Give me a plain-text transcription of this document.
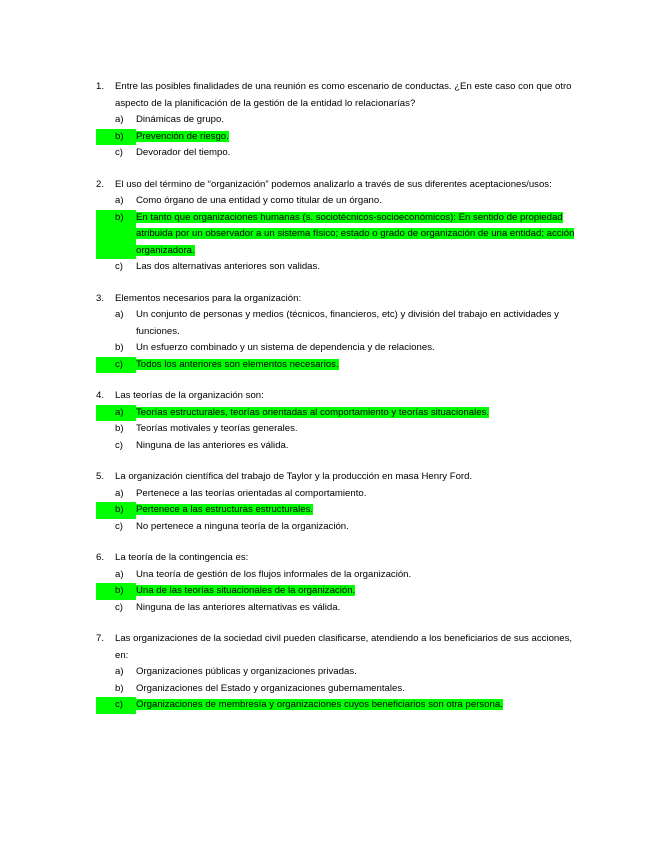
1.	Entre las posibles finalidades de una reunión es como escenario de conductas. ¿En este caso con que otro aspecto de la planificación de la gestión de la entidad lo relacionarías?
a)	Dinámicas de grupo.
b)	Prevención de riesgo.
c)	Devorador del tiempo.
2.	El uso del término de “organización” podemos analizarlo a través de sus diferentes aceptaciones/usos:
a)	Como órgano de una entidad y como titular de un órgano.
b)	En tanto que organizaciones humanas (s. sociotécnicos-socioeconómicos): En sentido de propiedad atribuida por un observador a un sistema físico; estado o grado de organización de una entidad; acción organizadora.
c)	Las dos alternativas anteriores son validas.
3.	Elementos necesarios para la organización:
a)	Un conjunto de personas y medios (técnicos, financieros, etc) y división del trabajo en actividades y funciones.
b)	Un esfuerzo combinado y un sistema de dependencia y de relaciones.
c)	Todos los anteriores son elementos necesarios.
4.	Las teorías de la organización son:
a)	Teorías estructurales, teorías orientadas al comportamiento y teorías situacionales.
b)	Teorías motivales y teorías generales.
c)	Ninguna de las anteriores es válida.
5.	La organización científica del trabajo de Taylor y la producción en masa Henry Ford.
a)	Pertenece a las teorías orientadas al comportamiento.
b)	Pertenece a las estructuras estructurales.
c)	No pertenece a ninguna teoría de la organización.
6.	La teoría de la contingencia es:
a)	Una teoría de gestión de los flujos informales de la organización.
b)	Una de las teorías situacionales de la organización.
c)	Ninguna de las anteriores alternativas es válida.
7.	Las organizaciones de la sociedad civil pueden clasificarse, atendiendo a los beneficiarios de sus acciones, en:
a)	Organizaciones públicas y organizaciones privadas.
b)	Organizaciones del Estado y organizaciones gubernamentales.
c)	Organizaciones de membresía y organizaciones cuyos beneficiarios son otra persona.
